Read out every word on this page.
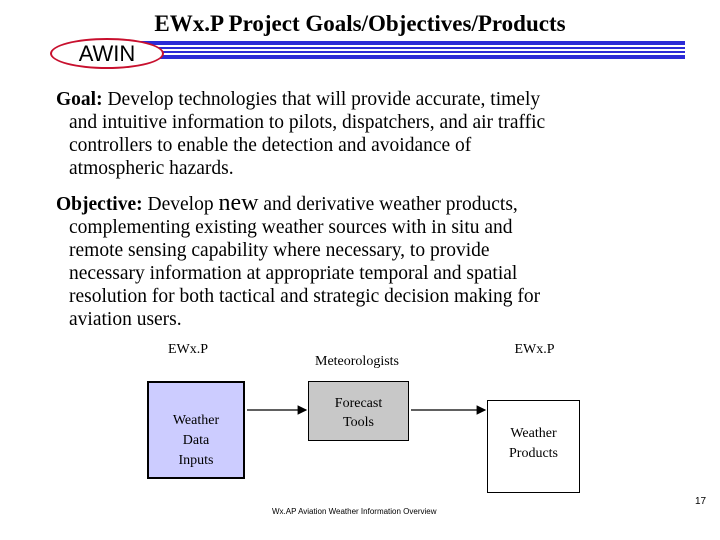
EWx.P Project Goals/Objectives/Products
AWIN
Goal: Develop technologies that will provide accurate, timely
and intuitive information to pilots, dispatchers, and air traffic
controllers to enable the detection and avoidance of
atmospheric hazards.
Objective: Develop new and derivative weather products,
complementing existing weather sources with in situ and
remote sensing capability where necessary, to provide
necessary information at appropriate temporal and spatial
resolution for both tactical and strategic decision making for
aviation users.
EWx.P
Meteorologists
EWx.P
Weather
Data
Inputs
Forecast
Tools
Weather
Products
17
Wx.AP Aviation Weather Information Overview
